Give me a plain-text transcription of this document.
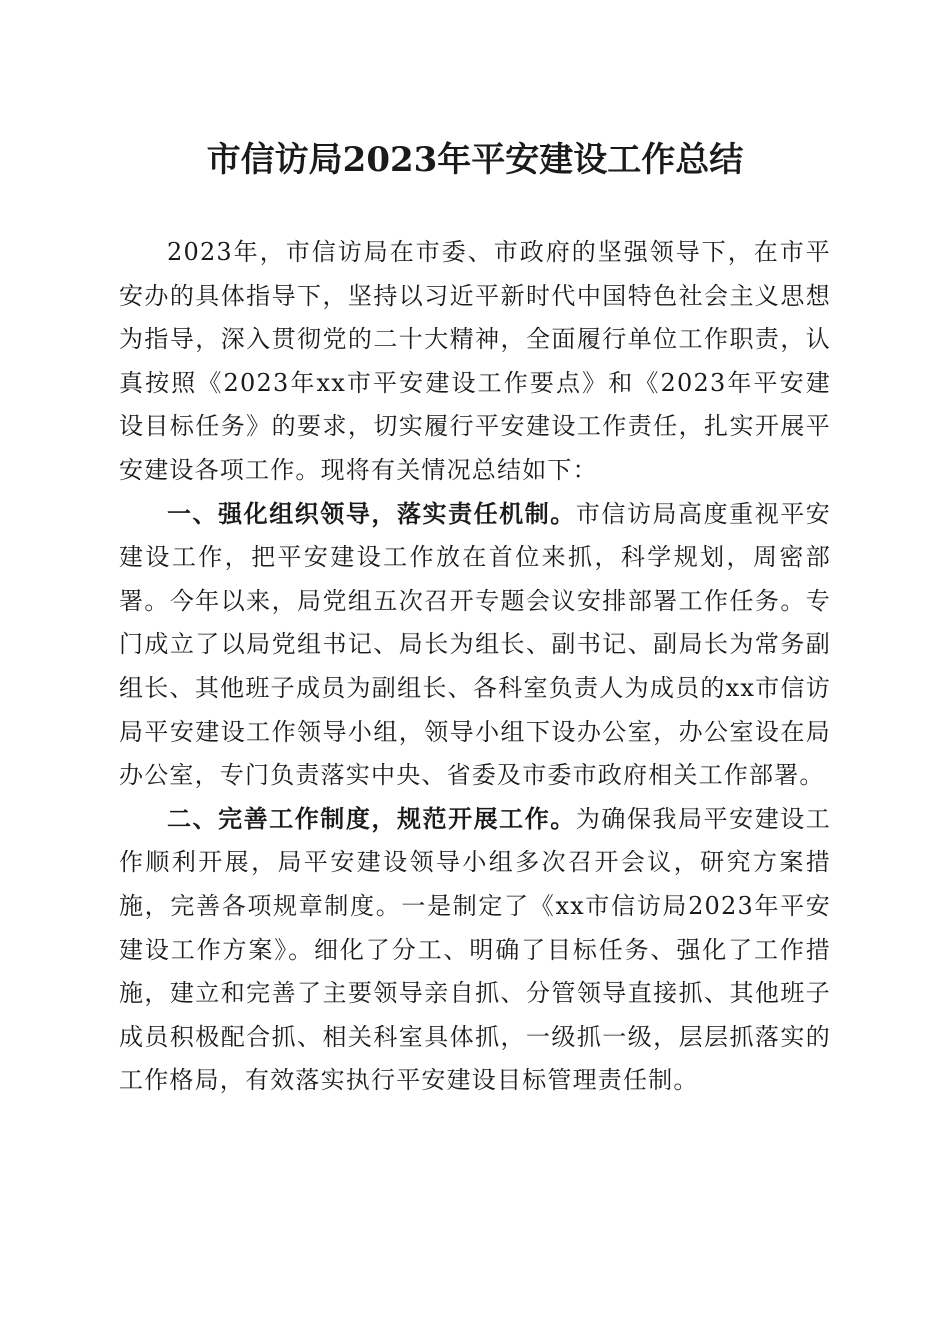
市信访局2023年平安建设工作总结

2023年，市信访局在市委、市政府的坚强领导下，在市平安办的具体指导下，坚持以习近平新时代中国特色社会主义思想为指导，深入贯彻党的二十大精神，全面履行单位工作职责，认真按照《2023年xx市平安建设工作要点》和《2023年平安建设目标任务》的要求，切实履行平安建设工作责任，扎实开展平安建设各项工作。现将有关情况总结如下：

一、强化组织领导，落实责任机制。市信访局高度重视平安建设工作，把平安建设工作放在首位来抓，科学规划，周密部署。今年以来，局党组五次召开专题会议安排部署工作任务。专门成立了以局党组书记、局长为组长、副书记、副局长为常务副组长、其他班子成员为副组长、各科室负责人为成员的xx市信访局平安建设工作领导小组，领导小组下设办公室，办公室设在局办公室，专门负责落实中央、省委及市委市政府相关工作部署。

二、完善工作制度，规范开展工作。为确保我局平安建设工作顺利开展，局平安建设领导小组多次召开会议，研究方案措施，完善各项规章制度。一是制定了《xx市信访局2023年平安建设工作方案》。细化了分工、明确了目标任务、强化了工作措施，建立和完善了主要领导亲自抓、分管领导直接抓、其他班子成员积极配合抓、相关科室具体抓，一级抓一级，层层抓落实的工作格局，有效落实执行平安建设目标管理责任制。
